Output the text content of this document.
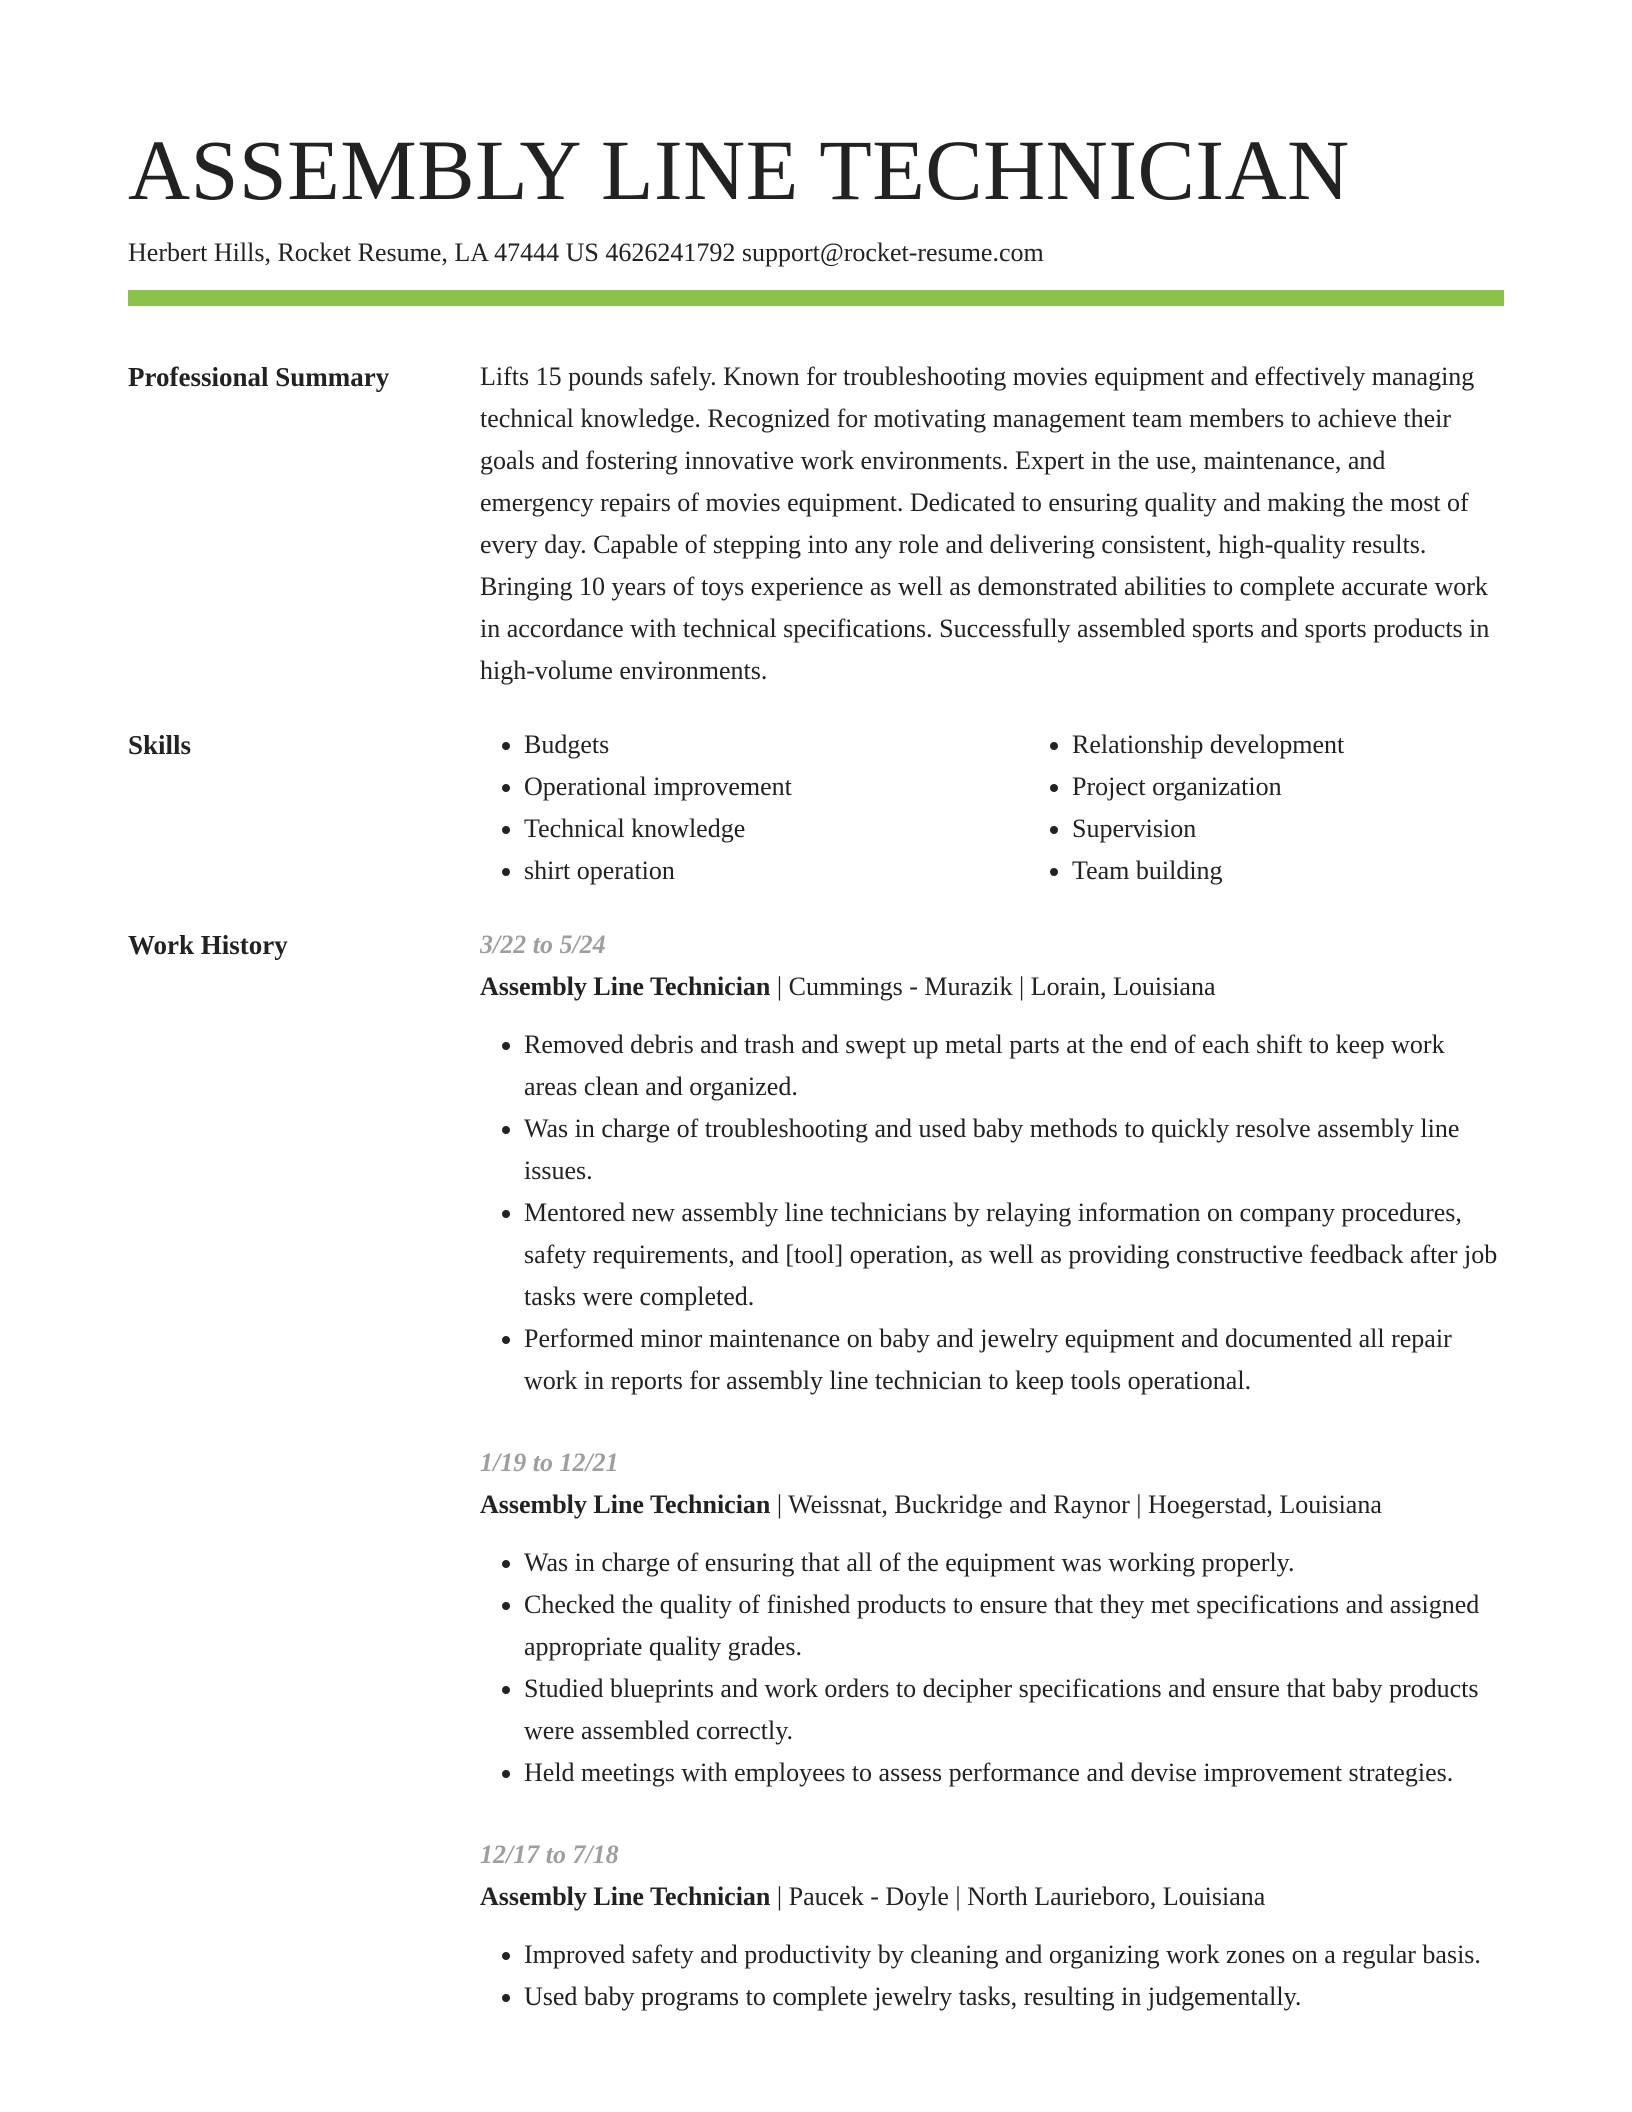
ASSEMBLY LINE TECHNICIAN
Herbert Hills, Rocket Resume, LA 47444 US 4626241792 support@rocket-resume.com
Professional Summary	Lifts 15 pounds safely. Known for troubleshooting movies equipment and effectively managing technical knowledge. Recognized for motivating management team members to achieve their goals and fostering innovative work environments. Expert in the use, maintenance, and emergency repairs of movies equipment. Dedicated to ensuring quality and making the most of every day. Capable of stepping into any role and delivering consistent, high-quality results. Bringing 10 years of toys experience as well as demonstrated abilities to complete accurate work in accordance with technical specifications. Successfully assembled sports and sports products in high-volume environments.

Skills
•	Budgets
• Operational improvement
• Technical knowledge
• shirt operation
• Relationship development
• Project organization
• Supervision
• Team building
Work History	3/22 to 5/24
Assembly Line Technician | Cummings - Murazik | Lorain, Louisiana
• Removed debris and trash and swept up metal parts at the end of each shift to keep work areas clean and organized.
• Was in charge of troubleshooting and used baby methods to quickly resolve assembly line issues.
• Mentored new assembly line technicians by relaying information on company procedures, safety requirements, and [tool] operation, as well as providing constructive feedback after job tasks were completed.
• Performed minor maintenance on baby and jewelry equipment and documented all repair work in reports for assembly line technician to keep tools operational.
1/19 to 12/21
Assembly Line Technician | Weissnat, Buckridge and Raynor | Hoegerstad, Louisiana
• Was in charge of ensuring that all of the equipment was working properly.
• Checked the quality of finished products to ensure that they met specifications and assigned appropriate quality grades.
• Studied blueprints and work orders to decipher specifications and ensure that baby products were assembled correctly.
• Held meetings with employees to assess performance and devise improvement strategies.
12/17 to 7/18
Assembly Line Technician | Paucek - Doyle | North Laurieboro, Louisiana
• Improved safety and productivity by cleaning and organizing work zones on a regular basis.
• Used baby programs to complete jewelry tasks, resulting in judgementally.
